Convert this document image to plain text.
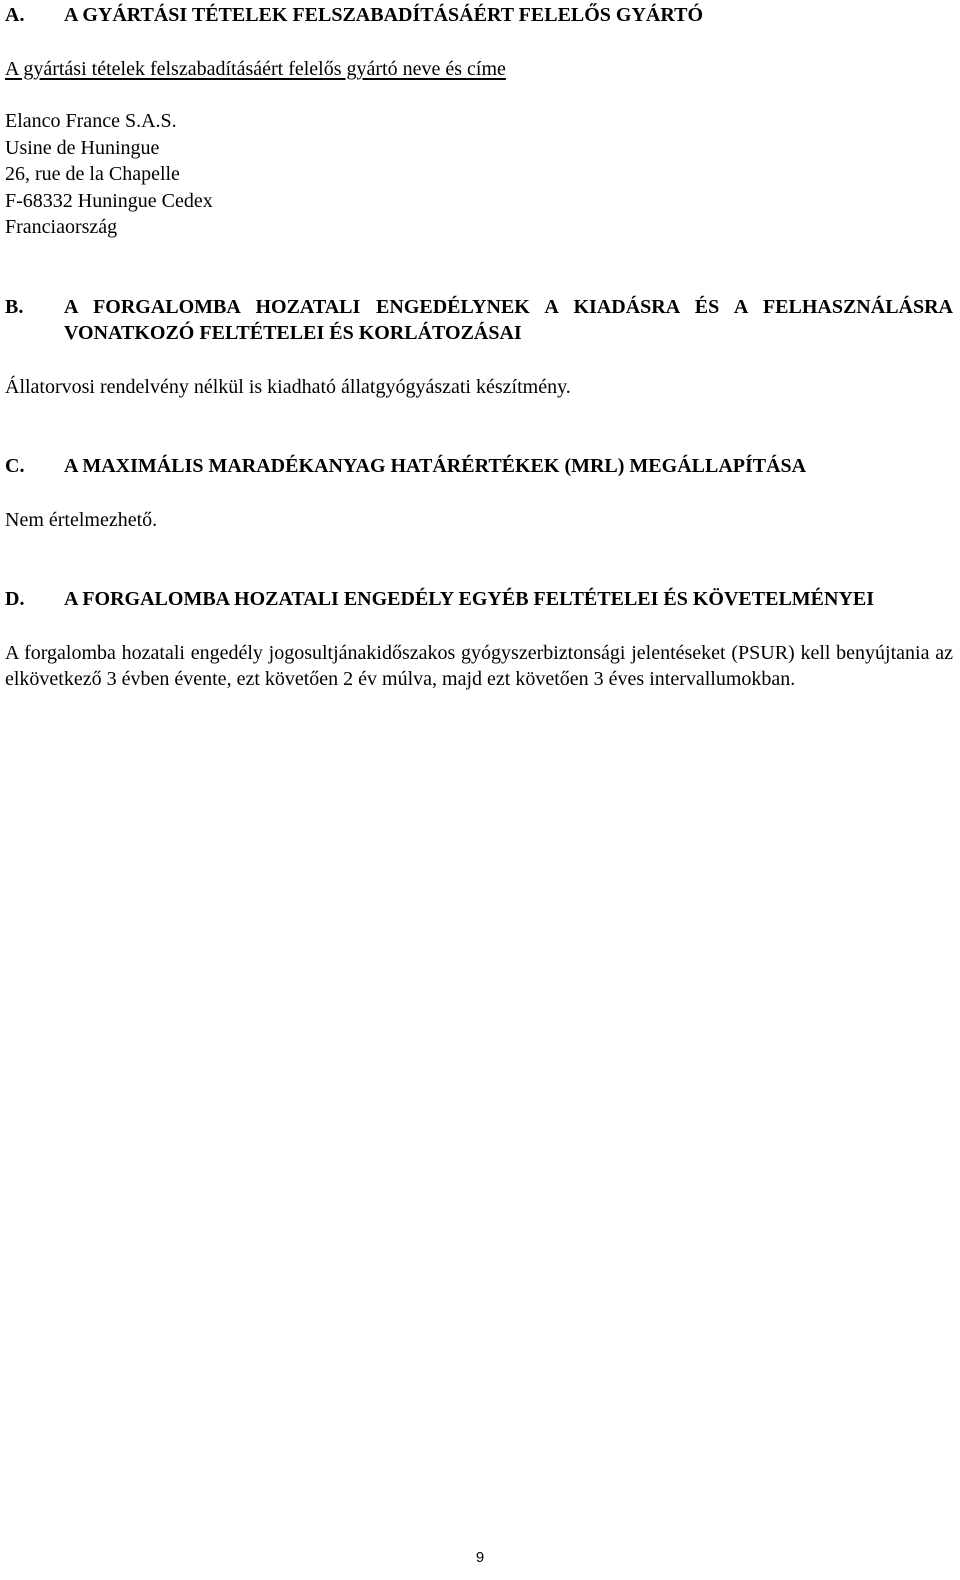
A.	A GYÁRTÁSI TÉTELEK FELSZABADÍTÁSÁÉRT FELELŐS GYÁRTÓ

A gyártási tételek felszabadításáért felelős gyártó neve és címe

Elanco France S.A.S.
Usine de Huningue
26, rue de la Chapelle
F-68332 Huningue Cedex
Franciaország
B.	A FORGALOMBA HOZATALI ENGEDÉLYNEK A KIADÁSRA ÉS A FELHASZNÁLÁSRA VONATKOZÓ FELTÉTELEI ÉS KORLÁTOZÁSAI

Állatorvosi rendelvény nélkül is kiadható állatgyógyászati készítmény.

C.	A MAXIMÁLIS MARADÉKANYAG HATÁRÉRTÉKEK (MRL) MEGÁLLAPÍTÁSA

Nem értelmezhető.

D.	A FORGALOMBA HOZATALI ENGEDÉLY EGYÉB FELTÉTELEI ÉS KÖVETELMÉNYEI

A forgalomba hozatali engedély jogosultjánakidőszakos gyógyszerbiztonsági jelentéseket (PSUR) kell benyújtania az elkövetkező 3 évben évente, ezt követően 2 év múlva, majd ezt követően 3 éves intervallumokban.

9
